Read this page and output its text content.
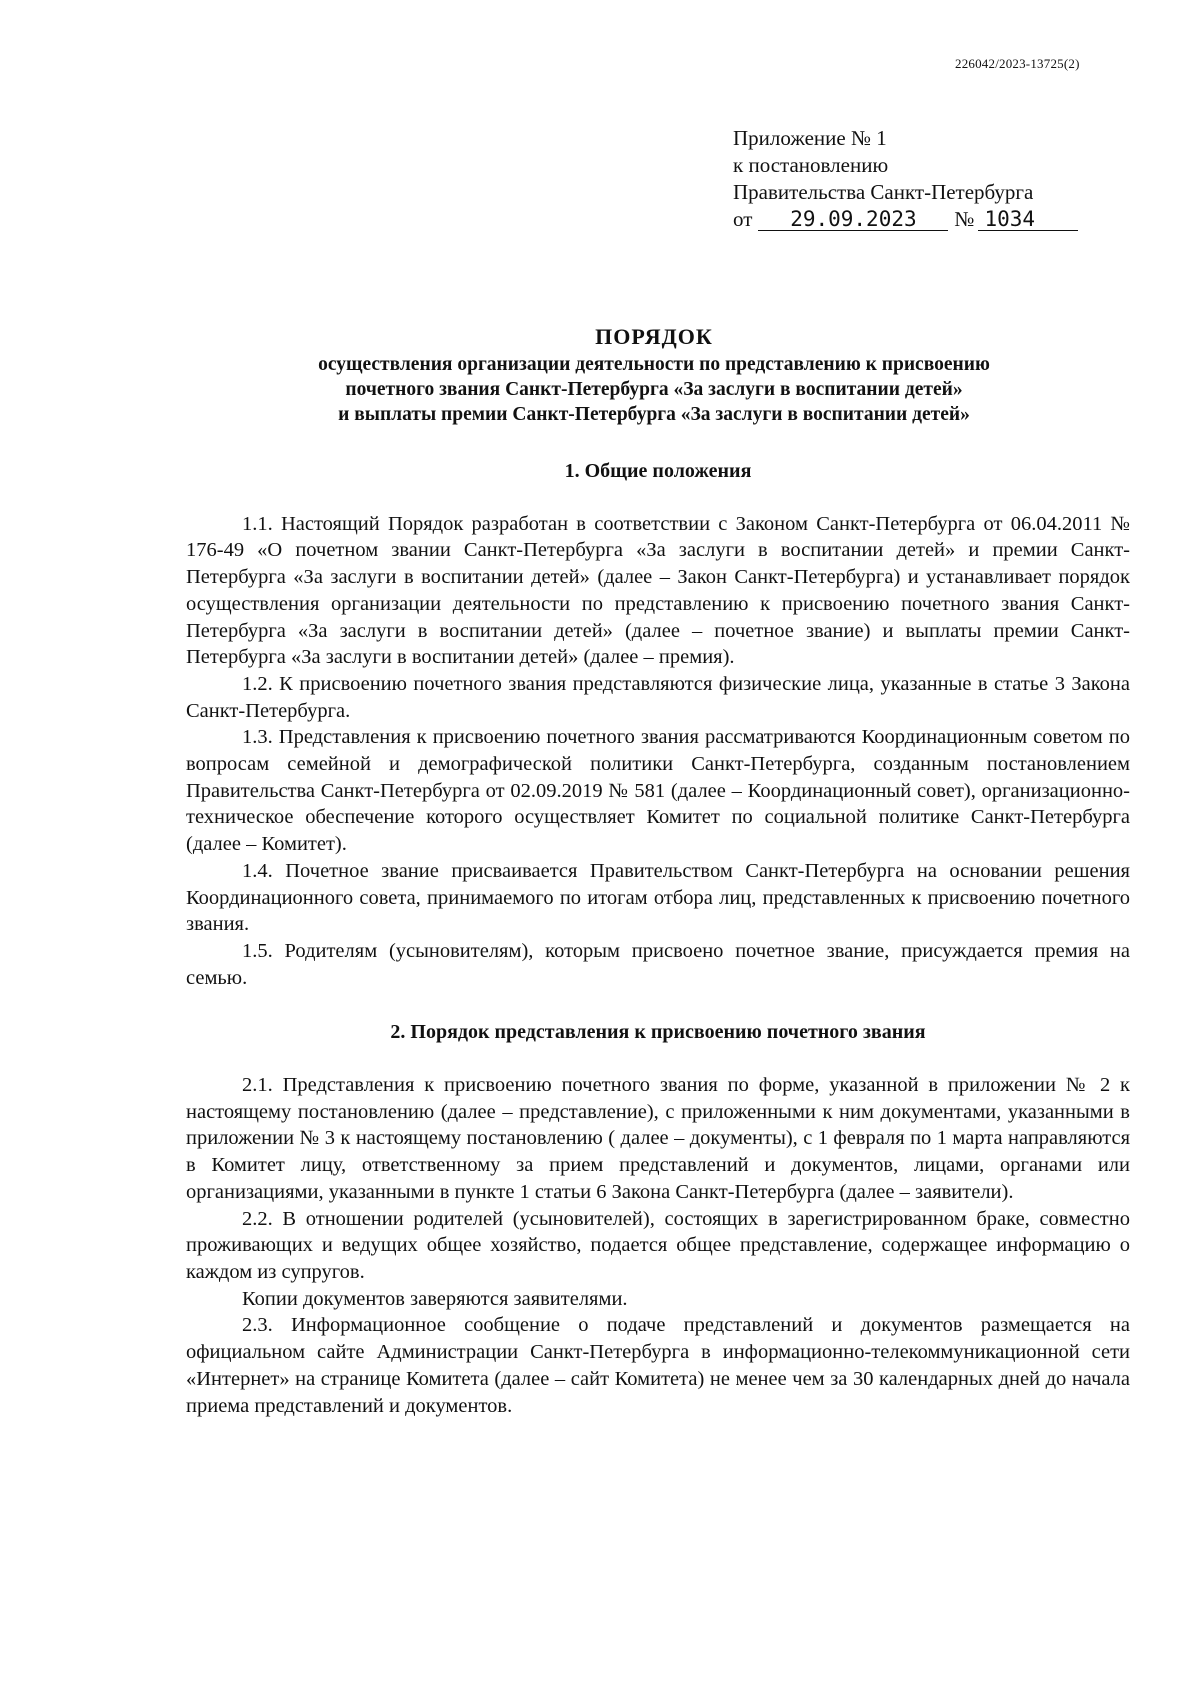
226042/2023-13725(2)
Приложение № 1
к постановлению
Правительства Санкт-Петербурга
от 29.09.2023 № 1034
ПОРЯДОК
осуществления организации деятельности по представлению к присвоению
почетного звания Санкт-Петербурга «За заслуги в воспитании детей»
и выплаты премии Санкт-Петербурга «За заслуги в воспитании детей»

1. Общие положения

1.1. Настоящий Порядок разработан в соответствии с Законом Санкт-Петербурга от 06.04.2011 № 176-49 «О почетном звании Санкт-Петербурга «За заслуги в воспитании детей» и премии Санкт-Петербурга «За заслуги в воспитании детей» (далее – Закон Санкт-Петербурга) и устанавливает порядок осуществления организации деятельности по представлению к присвоению почетного звания Санкт-Петербурга «За заслуги в воспитании детей» (далее – почетное звание) и выплаты премии Санкт-Петербурга «За заслуги в воспитании детей» (далее – премия).

1.2. К присвоению почетного звания представляются физические лица, указанные в статье 3 Закона Санкт-Петербурга.

1.3. Представления к присвоению почетного звания рассматриваются Координационным советом по вопросам семейной и демографической политики Санкт-Петербурга, созданным постановлением Правительства Санкт-Петербурга от 02.09.2019 № 581 (далее – Координационный совет), организационно-техническое обеспечение которого осуществляет Комитет по социальной политике Санкт-Петербурга (далее – Комитет).

1.4. Почетное звание присваивается Правительством Санкт-Петербурга на основании решения Координационного совета, принимаемого по итогам отбора лиц, представленных к присвоению почетного звания.

1.5. Родителям (усыновителям), которым присвоено почетное звание, присуждается премия на семью.

2. Порядок представления к присвоению почетного звания

2.1. Представления к присвоению почетного звания по форме, указанной в приложении № 2 к настоящему постановлению (далее – представление), с приложенными к ним документами, указанными в приложении № 3 к настоящему постановлению ( далее – документы), с 1 февраля по 1 марта направляются в Комитет лицу, ответственному за прием представлений и документов, лицами, органами или организациями, указанными в пункте 1 статьи 6 Закона Санкт-Петербурга (далее – заявители).

2.2. В отношении родителей (усыновителей), состоящих в зарегистрированном браке, совместно проживающих и ведущих общее хозяйство, подается общее представление, содержащее информацию о каждом из супругов.

Копии документов заверяются заявителями.

2.3. Информационное сообщение о подаче представлений и документов размещается на официальном сайте Администрации Санкт-Петербурга в информационно-телекоммуникационной сети «Интернет» на странице Комитета (далее – сайт Комитета) не менее чем за 30 календарных дней до начала приема представлений и документов.
